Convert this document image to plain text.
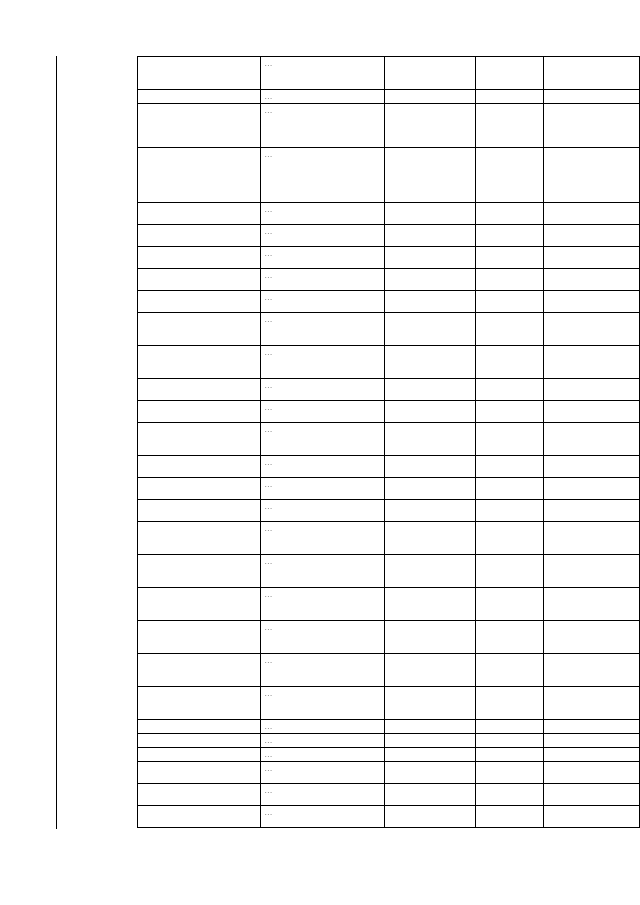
	…			
	…			
	…			
	…			
	…			
	…			
	…			
	…			
	…			
	…			
	…			
	…			
	…			
	…			
	…			
	…			
	…			
	…			
	…			
	…			
	…			
	…			
	…			
	…			
	…			
	…			
	…			
	…			
	…			
